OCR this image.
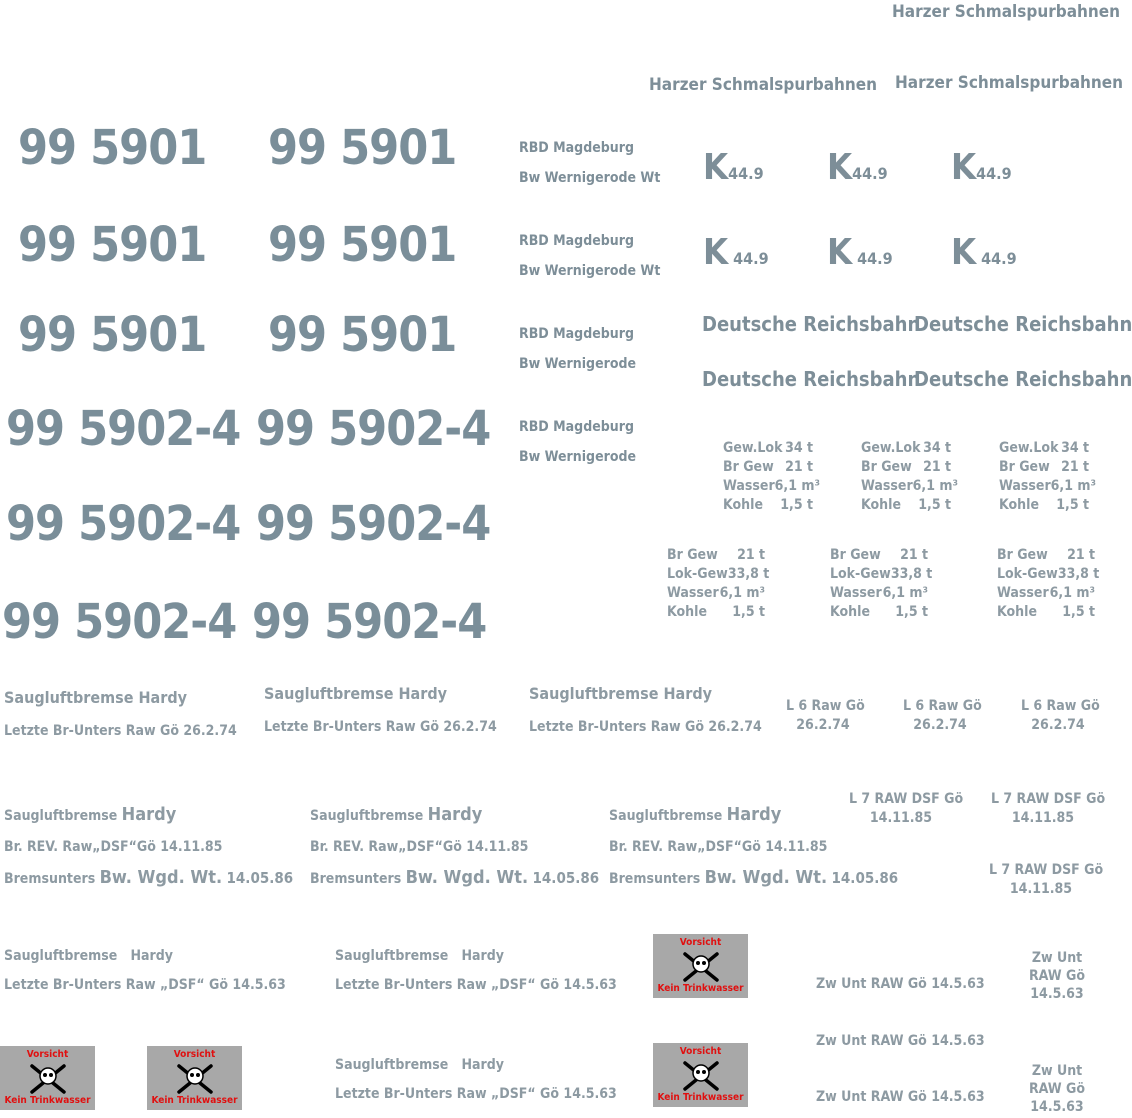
Harzer Schmalspurbahnen
Harzer Schmalspurbahnen Harzer Schmalspurbahnen
99 5901 99 5901
99 5901 99 5901
99 5901 99 5901
99 5902-4 99 5902-4
99 5902-4 99 5902-4
99 5902-4 99 5902-4
RBD Magdeburg
Bw Wernigerode Wt
RBD Magdeburg
Bw Wernigerode Wt
RBD Magdeburg
Bw Wernigerode
RBD Magdeburg
Bw Wernigerode
K44.9 K44.9 K44.9
K 44.9 K 44.9 K 44.9
Deutsche Reichsbahn
Deutsche Reichsbahn
Deutsche Reichsbahn
Deutsche Reichsbahn
Gew.Lok 34 t
Br Gew 21 t
Wasser 6,1 m³
Kohle 1,5 t
Gew.Lok 34 t
Br Gew 21 t
Wasser 6,1 m³
Kohle 1,5 t
Gew.Lok 34 t
Br Gew 21 t
Wasser 6,1 m³
Kohle 1,5 t
Br Gew 21 t
Lok-Gew 33,8 t
Wasser 6,1 m³
Kohle 1,5 t
Br Gew 21 t
Lok-Gew 33,8 t
Wasser 6,1 m³
Kohle 1,5 t
Br Gew 21 t
Lok-Gew 33,8 t
Wasser 6,1 m³
Kohle 1,5 t
Saugluftbremse Hardy
Letzte Br-Unters Raw Gö 26.2.74
Saugluftbremse Hardy
Letzte Br-Unters Raw Gö 26.2.74
Saugluftbremse Hardy
Letzte Br-Unters Raw Gö 26.2.74
L 6 Raw Gö
26.2.74
L 6 Raw Gö
26.2.74
L 6 Raw Gö
26.2.74
L 7 RAW DSF Gö
14.11.85
L 7 RAW DSF Gö
14.11.85
L 7 RAW DSF Gö
14.11.85
Saugluftbremse Hardy
Br. REV. Raw„DSF“Gö 14.11.85
Bremsunters Bw. Wgd. Wt. 14.05.86
Saugluftbremse Hardy
Br. REV. Raw„DSF“Gö 14.11.85
Bremsunters Bw. Wgd. Wt. 14.05.86
Saugluftbremse Hardy
Br. REV. Raw„DSF“Gö 14.11.85
Bremsunters Bw. Wgd. Wt. 14.05.86
Saugluftbremse Hardy
Letzte Br-Unters Raw „DSF“ Gö 14.5.63
Saugluftbremse Hardy
Letzte Br-Unters Raw „DSF“ Gö 14.5.63
Saugluftbremse Hardy
Letzte Br-Unters Raw „DSF“ Gö 14.5.63
Zw Unt RAW Gö 14.5.63
Zw Unt RAW Gö 14.5.63
Zw Unt RAW Gö 14.5.63
Zw Unt
RAW Gö
14.5.63
Zw Unt
RAW Gö
14.5.63
Vorsicht
Kein Trinkwasser
Vorsicht
Kein Trinkwasser
Vorsicht
Kein Trinkwasser
Vorsicht
Kein Trinkwasser
